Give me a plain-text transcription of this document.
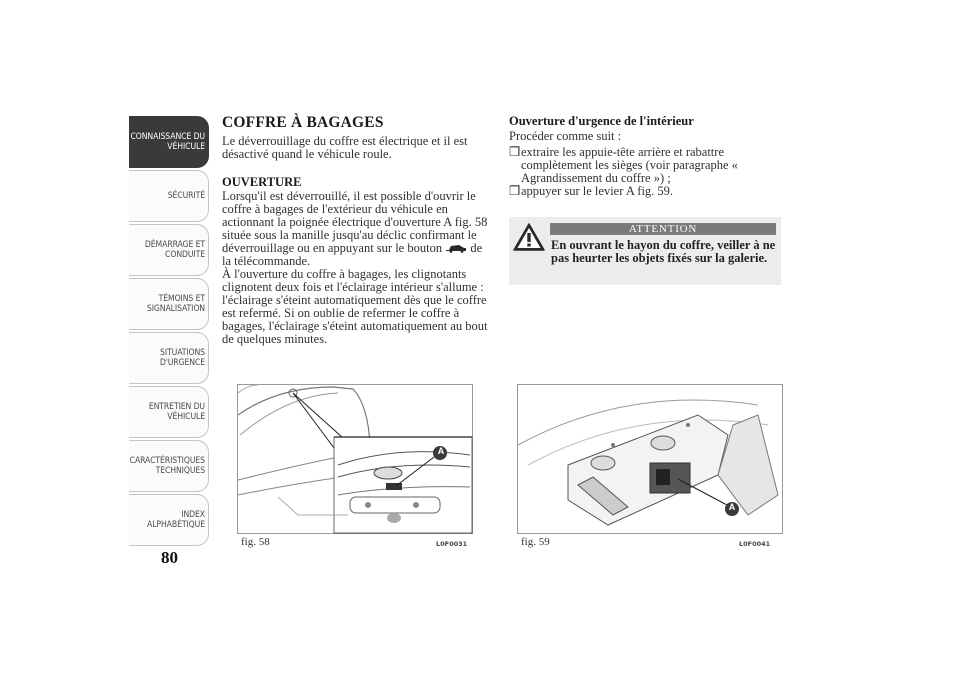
CONNAISSANCE DU
VÉHICULE
SÉCURITÉ
DÉMARRAGE ET
CONDUITE
TÉMOINS ET
SIGNALISATION
SITUATIONS
D'URGENCE
ENTRETIEN DU
VÉHICULE
CARACTÉRISTIQUES
TECHNIQUES
INDEX
ALPHABÉTIQUE
80
COFFRE À BAGAGES
Le déverrouillage du coffre est électrique et il est désactivé quand le véhicule roule.
OUVERTURE
Lorsqu'il est déverrouillé, il est possible d'ouvrir le coffre à bagages de l'extérieur du véhicule en actionnant la poignée électrique d'ouverture A fig. 58 située sous la manille jusqu'au déclic confirmant le déverrouillage ou en appuyant sur le bouton de la télécommande.
À l'ouverture du coffre à bagages, les clignotants clignotent deux fois et l'éclairage intérieur s'allume : l'éclairage s'éteint automatiquement dès que le coffre est refermé. Si on oublie de refermer le coffre à bagages, l'éclairage s'éteint automatiquement au bout de quelques minutes.
Ouverture d'urgence de l'intérieur
Procéder comme suit :
❒ extraire les appuie-tête arrière et rabattre complètement les sièges (voir paragraphe « Agrandissement du coffre ») ;
❒ appuyer sur le levier A fig. 59.
ATTENTION
En ouvrant le hayon du coffre, veiller à ne pas heurter les objets fixés sur la galerie.
A
fig. 58	L0F0031
A
fig. 59	L0F0041
